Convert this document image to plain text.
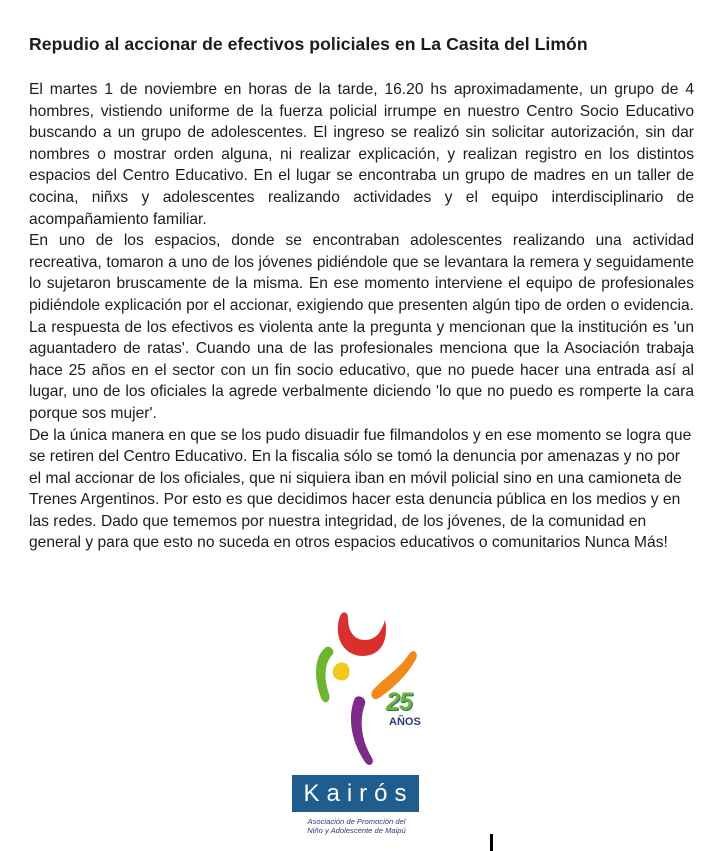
Repudio al accionar de efectivos policiales en La Casita del Limón

El martes 1 de noviembre en horas de la tarde, 16.20 hs aproximadamente, un grupo de 4 hombres, vistiendo uniforme de la fuerza policial irrumpe en nuestro Centro Socio Educativo buscando a un grupo de adolescentes. El ingreso se realizó sin solicitar autorización, sin dar nombres o mostrar orden alguna, ni realizar explicación, y realizan registro en los distintos espacios del Centro Educativo. En el lugar se encontraba un grupo de madres en un taller de cocina, niñxs y adolescentes realizando actividades y el equipo interdisciplinario de acompañamiento familiar.

En uno de los espacios, donde se encontraban adolescentes realizando una actividad recreativa, tomaron a uno de los jóvenes pidiéndole que se levantara la remera y seguidamente lo sujetaron bruscamente de la misma. En ese momento interviene el equipo de profesionales pidiéndole explicación por el accionar, exigiendo que presenten algún tipo de orden o evidencia. La respuesta de los efectivos es violenta ante la pregunta y mencionan que la institución es 'un aguantadero de ratas'. Cuando una de las profesionales menciona que la Asociación trabaja hace 25 años en el sector con un fin socio educativo, que no puede hacer una entrada así al lugar, uno de los oficiales la agrede verbalmente diciendo 'lo que no puedo es romperte la cara porque sos mujer'.

De la única manera en que se los pudo disuadir fue filmandolos y en ese momento se logra que se retiren del Centro Educativo. En la fiscalia sólo se tomó la denuncia por amenazas y no por el mal accionar de los oficiales, que ni siquiera iban en móvil policial sino en una camioneta de Trenes Argentinos. Por esto es que decidimos hacer esta denuncia pública en los medios y en las redes. Dado que tememos por nuestra integridad, de los jóvenes, de la comunidad en general y para que esto no suceda en otros espacios educativos o comunitarios Nunca Más!

25
AÑOS
Kairós
Asociación de Promoción del
Niño y Adolescente de Maipú
